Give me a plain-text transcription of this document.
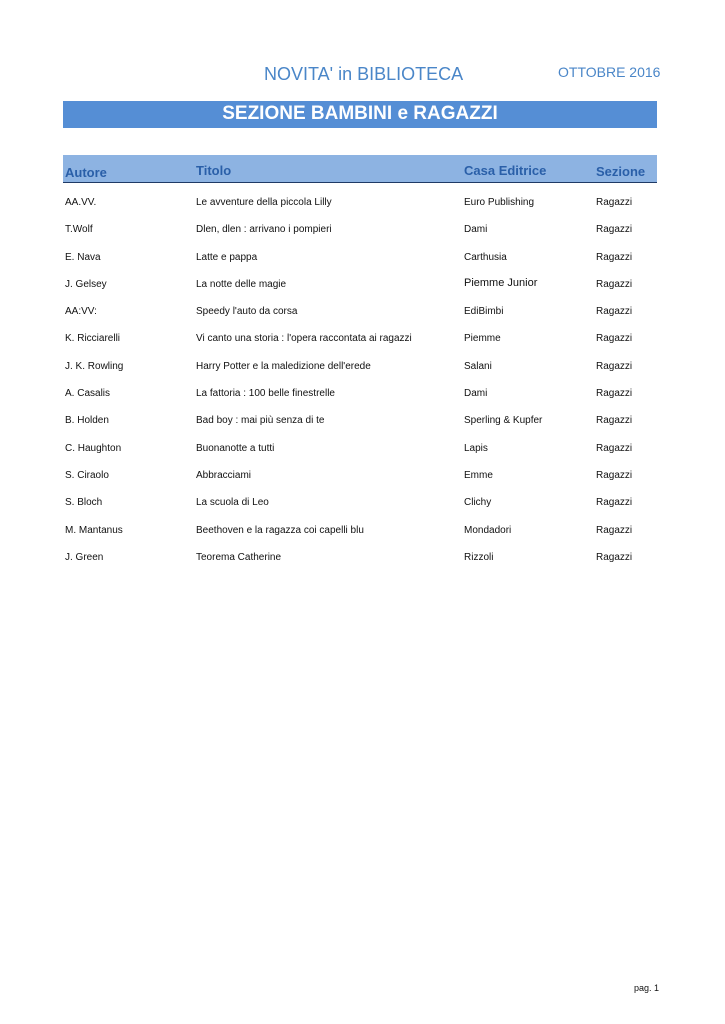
NOVITA' in BIBLIOTECA	OTTOBRE 2016
SEZIONE BAMBINI e RAGAZZI
Autore	Titolo	Casa Editrice	Sezione
AA.VV.	Le avventure della piccola Lilly	Euro Publishing	Ragazzi
T.Wolf	Dlen, dlen : arrivano i pompieri	Dami	Ragazzi
E. Nava	Latte e pappa	Carthusia	Ragazzi
J. Gelsey	La notte delle magie	Piemme Junior	Ragazzi
AA:VV:	Speedy l'auto da corsa	EdiBimbi	Ragazzi
K. Ricciarelli	Vi canto una storia : l'opera raccontata ai ragazzi	Piemme	Ragazzi
J. K. Rowling	Harry Potter e la maledizione dell'erede	Salani	Ragazzi
A. Casalis	La fattoria : 100 belle finestrelle	Dami	Ragazzi
B. Holden	Bad boy : mai più senza di te	Sperling & Kupfer	Ragazzi
C. Haughton	Buonanotte a tutti	Lapis	Ragazzi
S. Ciraolo	Abbracciami	Emme	Ragazzi
S. Bloch	La scuola di Leo	Clichy	Ragazzi
M. Mantanus	Beethoven e la ragazza coi capelli blu	Mondadori	Ragazzi
J. Green	Teorema Catherine	Rizzoli	Ragazzi
pag. 1
